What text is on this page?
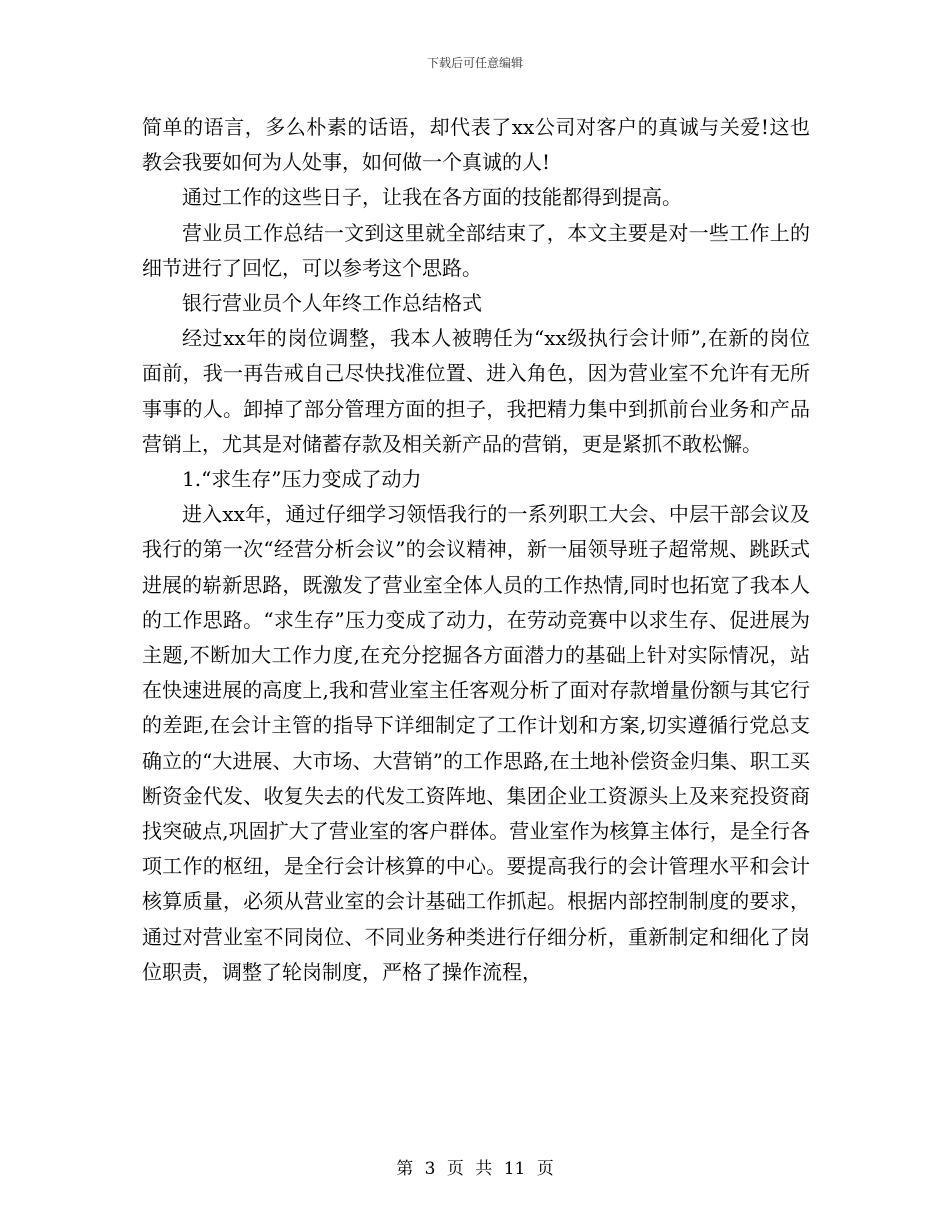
下载后可任意编辑

简单的语言，多么朴素的话语，却代表了xx公司对客户的真诚与关爱!这也教会我要如何为人处事，如何做一个真诚的人!

通过工作的这些日子，让我在各方面的技能都得到提高。

营业员工作总结一文到这里就全部结束了，本文主要是对一些工作上的细节进行了回忆，可以参考这个思路。

银行营业员个人年终工作总结格式

经过xx年的岗位调整，我本人被聘任为“xx级执行会计师”,在新的岗位面前，我一再告戒自己尽快找准位置、进入角色，因为营业室不允许有无所事事的人。卸掉了部分管理方面的担子，我把精力集中到抓前台业务和产品营销上，尤其是对储蓄存款及相关新产品的营销，更是紧抓不敢松懈。

1.“求生存”压力变成了动力

进入xx年，通过仔细学习领悟我行的一系列职工大会、中层干部会议及我行的第一次“经营分析会议”的会议精神，新一届领导班子超常规、跳跃式进展的崭新思路，既激发了营业室全体人员的工作热情,同时也拓宽了我本人的工作思路。“求生存”压力变成了动力，在劳动竞赛中以求生存、促进展为主题,不断加大工作力度,在充分挖掘各方面潜力的基础上针对实际情况，站在快速进展的高度上,我和营业室主任客观分析了面对存款增量份额与其它行的差距,在会计主管的指导下详细制定了工作计划和方案,切实遵循行党总支确立的“大进展、大市场、大营销”的工作思路,在土地补偿资金归集、职工买断资金代发、收复失去的代发工资阵地、集团企业工资源头上及来兖投资商找突破点,巩固扩大了营业室的客户群体。营业室作为核算主体行，是全行各项工作的枢纽，是全行会计核算的中心。要提高我行的会计管理水平和会计核算质量，必须从营业室的会计基础工作抓起。根据内部控制制度的要求，通过对营业室不同岗位、不同业务种类进行仔细分析，重新制定和细化了岗位职责，调整了轮岗制度，严格了操作流程，

第 3 页 共 11 页
